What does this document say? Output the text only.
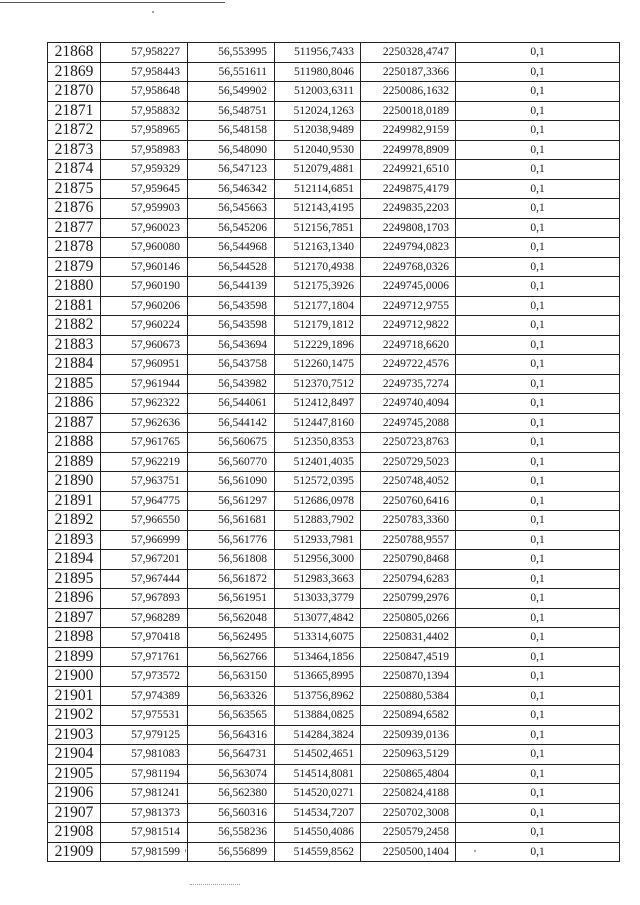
21868	57,958227	56,553995	511956,7433	2250328,4747	0,1
21869	57,958443	56,551611	511980,8046	2250187,3366	0,1
21870	57,958648	56,549902	512003,6311	2250086,1632	0,1
21871	57,958832	56,548751	512024,1263	2250018,0189	0,1
21872	57,958965	56,548158	512038,9489	2249982,9159	0,1
21873	57,958983	56,548090	512040,9530	2249978,8909	0,1
21874	57,959329	56,547123	512079,4881	2249921,6510	0,1
21875	57,959645	56,546342	512114,6851	2249875,4179	0,1
21876	57,959903	56,545663	512143,4195	2249835,2203	0,1
21877	57,960023	56,545206	512156,7851	2249808,1703	0,1
21878	57,960080	56,544968	512163,1340	2249794,0823	0,1
21879	57,960146	56,544528	512170,4938	2249768,0326	0,1
21880	57,960190	56,544139	512175,3926	2249745,0006	0,1
21881	57,960206	56,543598	512177,1804	2249712,9755	0,1
21882	57,960224	56,543598	512179,1812	2249712,9822	0,1
21883	57,960673	56,543694	512229,1896	2249718,6620	0,1
21884	57,960951	56,543758	512260,1475	2249722,4576	0,1
21885	57,961944	56,543982	512370,7512	2249735,7274	0,1
21886	57,962322	56,544061	512412,8497	2249740,4094	0,1
21887	57,962636	56,544142	512447,8160	2249745,2088	0,1
21888	57,961765	56,560675	512350,8353	2250723,8763	0,1
21889	57,962219	56,560770	512401,4035	2250729,5023	0,1
21890	57,963751	56,561090	512572,0395	2250748,4052	0,1
21891	57,964775	56,561297	512686,0978	2250760,6416	0,1
21892	57,966550	56,561681	512883,7902	2250783,3360	0,1
21893	57,966999	56,561776	512933,7981	2250788,9557	0,1
21894	57,967201	56,561808	512956,3000	2250790,8468	0,1
21895	57,967444	56,561872	512983,3663	2250794,6283	0,1
21896	57,967893	56,561951	513033,3779	2250799,2976	0,1
21897	57,968289	56,562048	513077,4842	2250805,0266	0,1
21898	57,970418	56,562495	513314,6075	2250831,4402	0,1
21899	57,971761	56,562766	513464,1856	2250847,4519	0,1
21900	57,973572	56,563150	513665,8995	2250870,1394	0,1
21901	57,974389	56,563326	513756,8962	2250880,5384	0,1
21902	57,975531	56,563565	513884,0825	2250894,6582	0,1
21903	57,979125	56,564316	514284,3824	2250939,0136	0,1
21904	57,981083	56,564731	514502,4651	2250963,5129	0,1
21905	57,981194	56,563074	514514,8081	2250865,4804	0,1
21906	57,981241	56,562380	514520,0271	2250824,4188	0,1
21907	57,981373	56,560316	514534,7207	2250702,3008	0,1
21908	57,981514	56,558236	514550,4086	2250579,2458	0,1
21909	57,981599	56,556899	514559,8562	2250500,1404	0,1
